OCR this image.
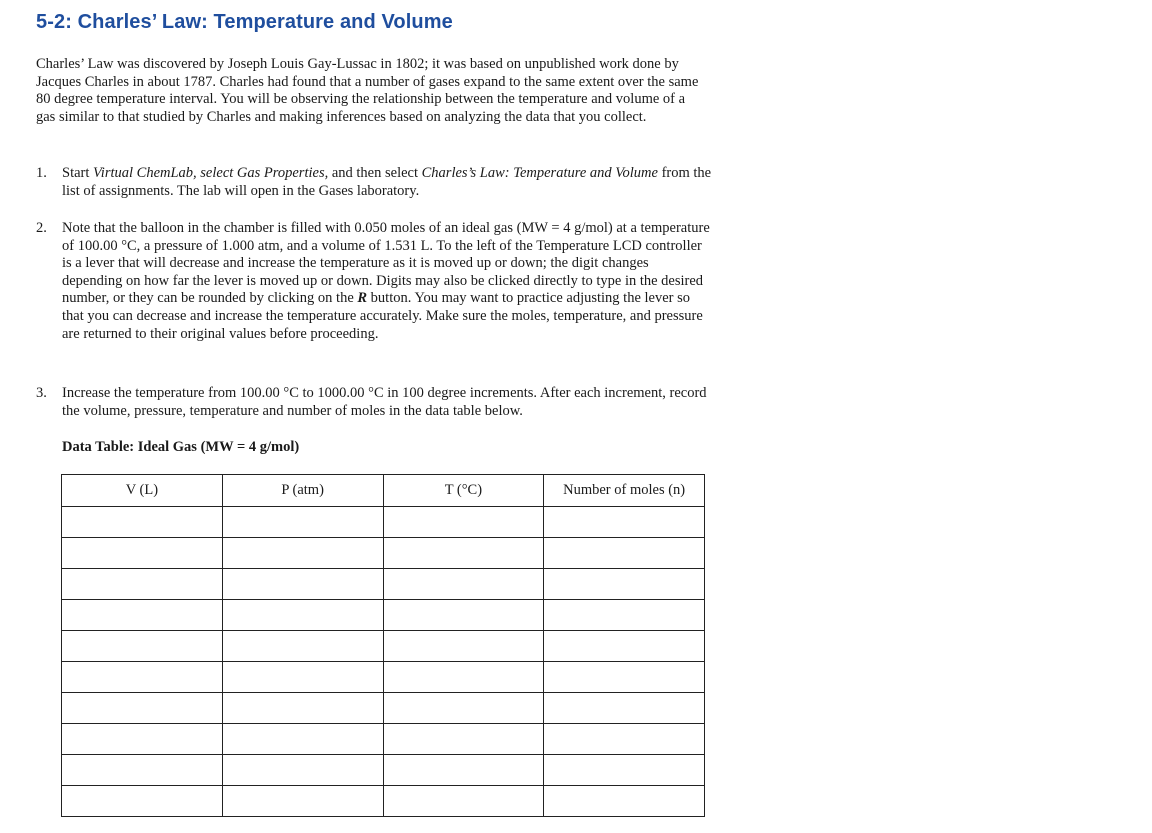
5-2: Charles’ Law: Temperature and Volume

Charles’ Law was discovered by Joseph Louis Gay-Lussac in 1802; it was based on unpublished work done by Jacques Charles in about 1787. Charles had found that a number of gases expand to the same extent over the same 80 degree temperature interval. You will be observing the relationship between the temperature and volume of a gas similar to that studied by Charles and making inferences based on analyzing the data that you collect.

1.	Start Virtual ChemLab, select Gas Properties, and then select Charles’s Law: Temperature and Volume from the list of assignments. The lab will open in the Gases laboratory.

2.	Note that the balloon in the chamber is filled with 0.050 moles of an ideal gas (MW = 4 g/mol) at a temperature of 100.00 °C, a pressure of 1.000 atm, and a volume of 1.531 L. To the left of the Temperature LCD controller is a lever that will decrease and increase the temperature as it is moved up or down; the digit changes depending on how far the lever is moved up or down. Digits may also be clicked directly to type in the desired number, or they can be rounded by clicking on the R button. You may want to practice adjusting the lever so that you can decrease and increase the temperature accurately. Make sure the moles, temperature, and pressure are returned to their original values before proceeding.

3.	Increase the temperature from 100.00 °C to 1000.00 °C in 100 degree increments. After each increment, record the volume, pressure, temperature and number of moles in the data table below.

Data Table: Ideal Gas (MW = 4 g/mol)

V (L)	P (atm)	T (°C)	Number of moles (n)
